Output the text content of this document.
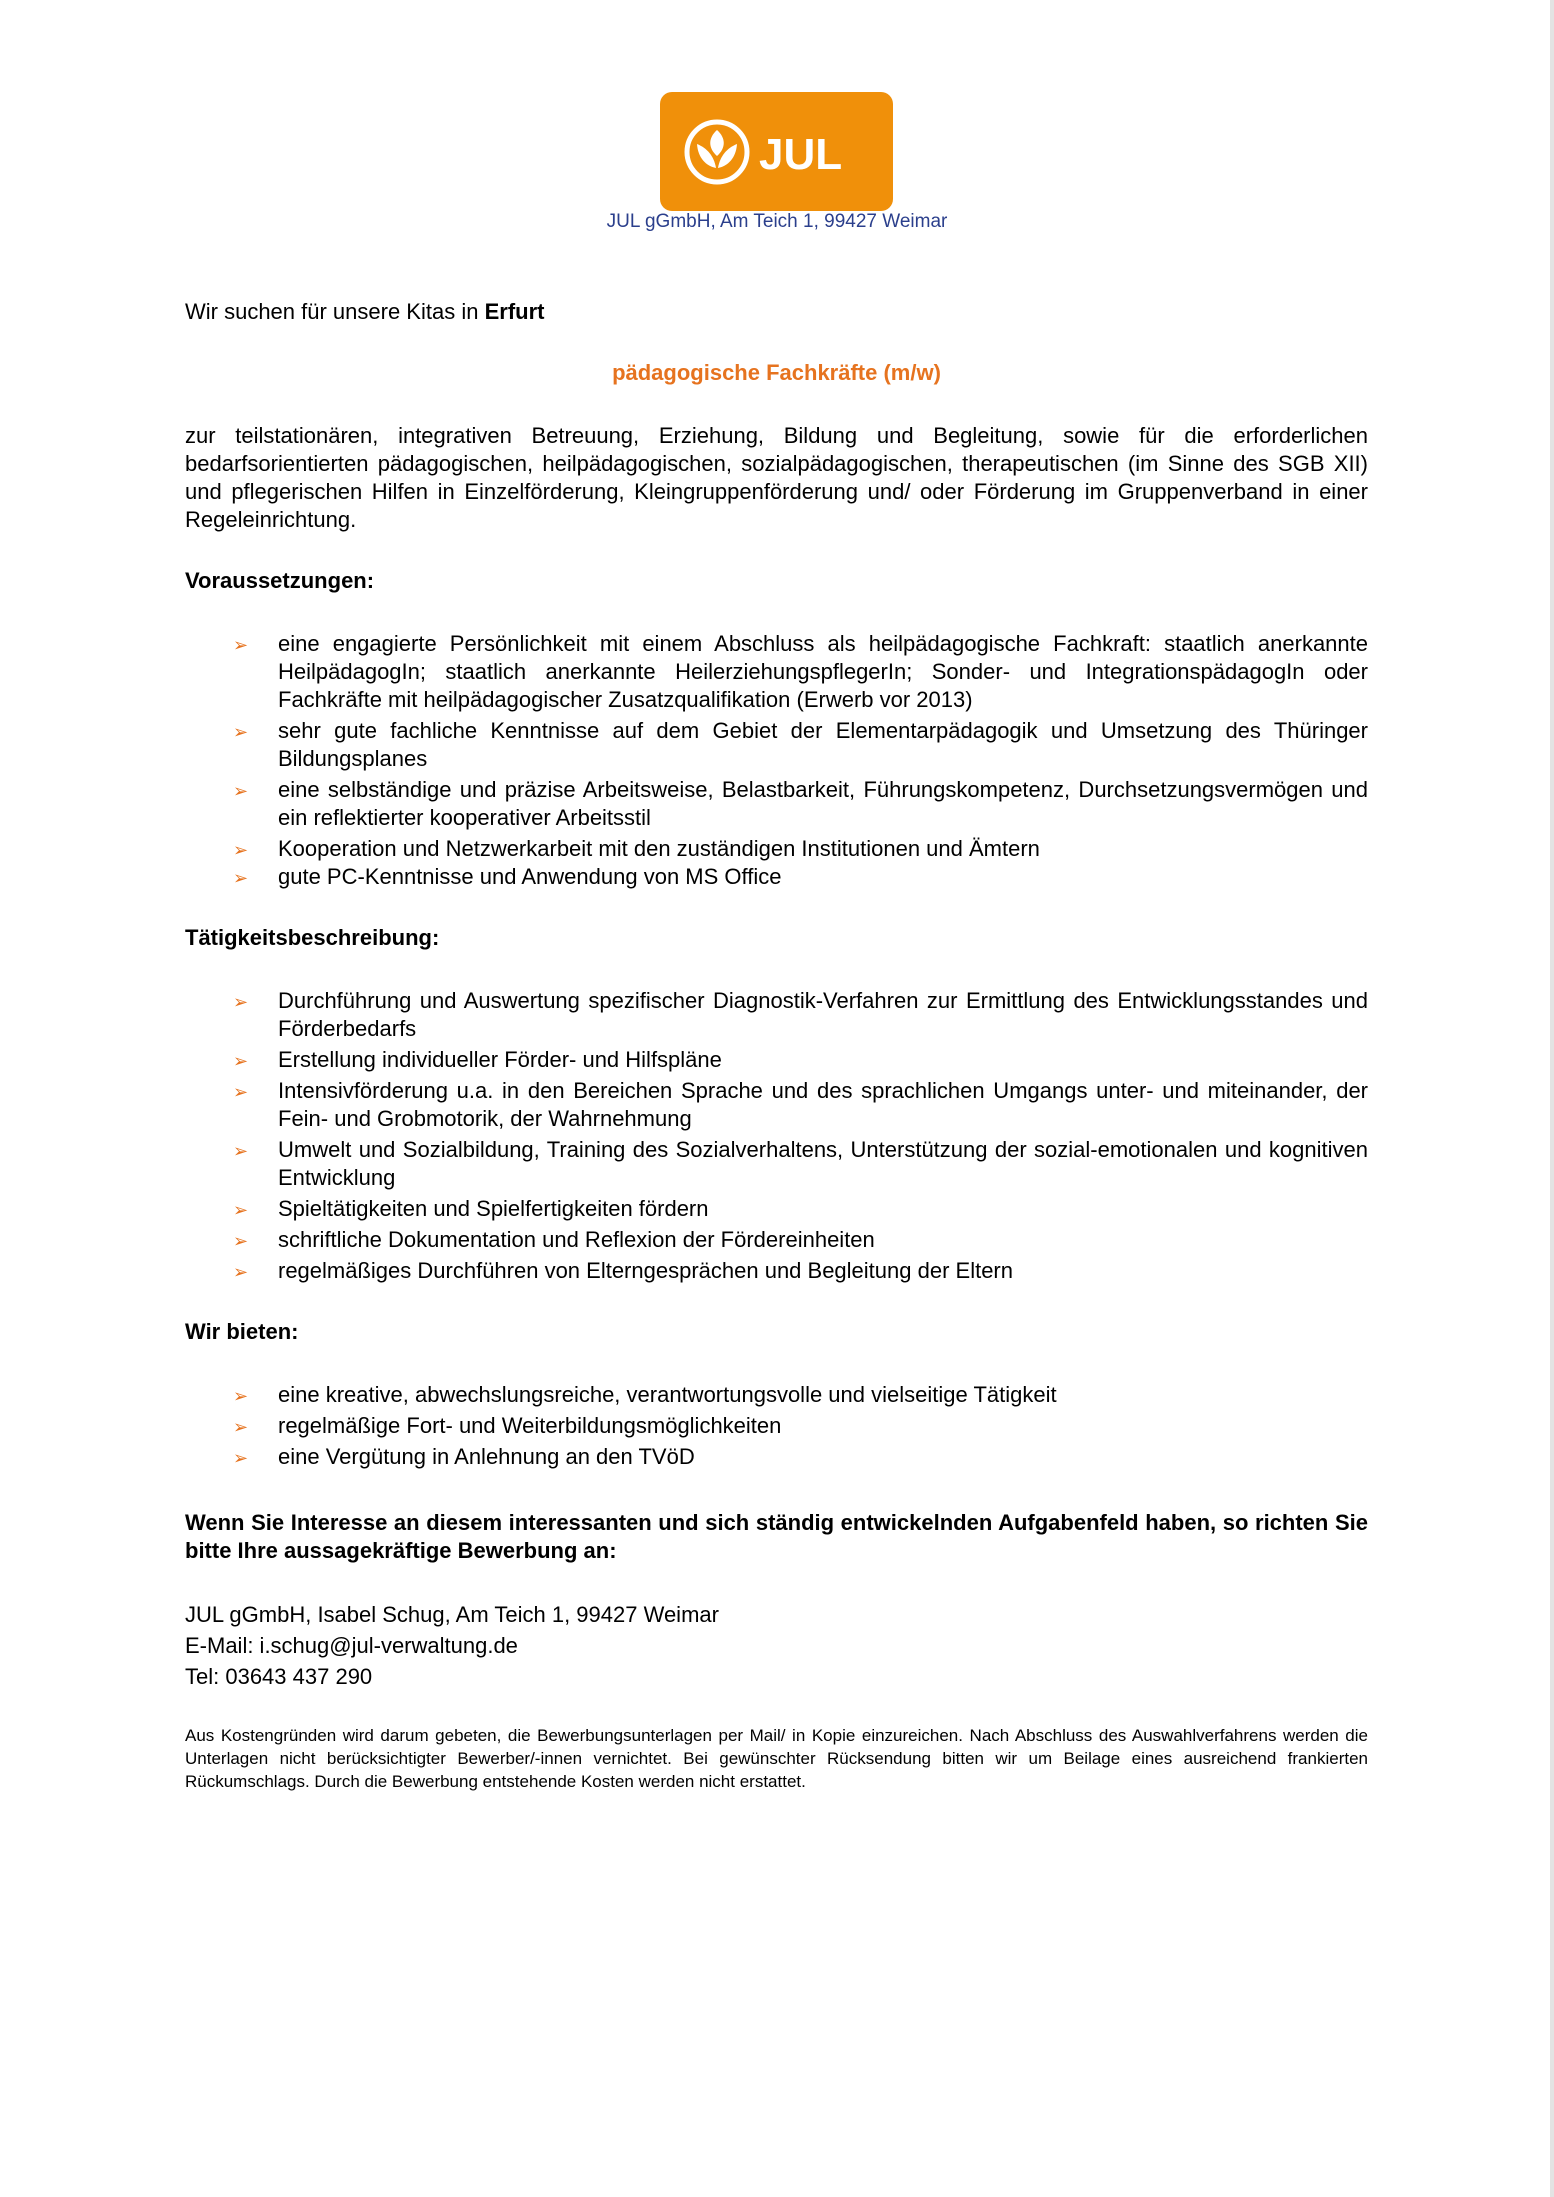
JUL
JUL gGmbH, Am Teich 1, 99427 Weimar

Wir suchen für unsere Kitas in Erfurt

pädagogische Fachkräfte (m/w)

zur teilstationären, integrativen Betreuung, Erziehung, Bildung und Begleitung, sowie für die erforderlichen bedarfsorientierten pädagogischen, heilpädagogischen, sozialpädagogischen, therapeutischen (im Sinne des SGB XII) und pflegerischen Hilfen in Einzelförderung, Kleingruppenförderung und/ oder Förderung im Gruppenverband in einer Regeleinrichtung.

Voraussetzungen:

➢ eine engagierte Persönlichkeit mit einem Abschluss als heilpädagogische Fachkraft: staatlich anerkannte HeilpädagogIn; staatlich anerkannte HeilerziehungspflegerIn; Sonder- und IntegrationspädagogIn oder Fachkräfte mit heilpädagogischer Zusatzqualifikation (Erwerb vor 2013)
➢ sehr gute fachliche Kenntnisse auf dem Gebiet der Elementarpädagogik und Umsetzung des Thüringer Bildungsplanes
➢ eine selbständige und präzise Arbeitsweise, Belastbarkeit, Führungskompetenz, Durchsetzungsvermögen und ein reflektierter kooperativer Arbeitsstil
➢ Kooperation und Netzwerkarbeit mit den zuständigen Institutionen und Ämtern
➢ gute PC-Kenntnisse und Anwendung von MS Office

Tätigkeitsbeschreibung:

➢ Durchführung und Auswertung spezifischer Diagnostik-Verfahren zur Ermittlung des Entwicklungsstandes und Förderbedarfs
➢ Erstellung individueller Förder- und Hilfspläne
➢ Intensivförderung u.a. in den Bereichen Sprache und des sprachlichen Umgangs unter- und miteinander, der Fein- und Grobmotorik, der Wahrnehmung
➢ Umwelt und Sozialbildung, Training des Sozialverhaltens, Unterstützung der sozial-emotionalen und kognitiven Entwicklung
➢ Spieltätigkeiten und Spielfertigkeiten fördern
➢ schriftliche Dokumentation und Reflexion der Fördereinheiten
➢ regelmäßiges Durchführen von Elterngesprächen und Begleitung der Eltern

Wir bieten:

➢ eine kreative, abwechslungsreiche, verantwortungsvolle und vielseitige Tätigkeit
➢ regelmäßige Fort- und Weiterbildungsmöglichkeiten
➢ eine Vergütung in Anlehnung an den TVöD

Wenn Sie Interesse an diesem interessanten und sich ständig entwickelnden Aufgabenfeld haben, so richten Sie bitte Ihre aussagekräftige Bewerbung an:

JUL gGmbH, Isabel Schug, Am Teich 1, 99427 Weimar
E-Mail: i.schug@jul-verwaltung.de
Tel: 03643 437 290

Aus Kostengründen wird darum gebeten, die Bewerbungsunterlagen per Mail/ in Kopie einzureichen. Nach Abschluss des Auswahlverfahrens werden die Unterlagen nicht berücksichtigter Bewerber/-innen vernichtet. Bei gewünschter Rücksendung bitten wir um Beilage eines ausreichend frankierten Rückumschlags. Durch die Bewerbung entstehende Kosten werden nicht erstattet.
